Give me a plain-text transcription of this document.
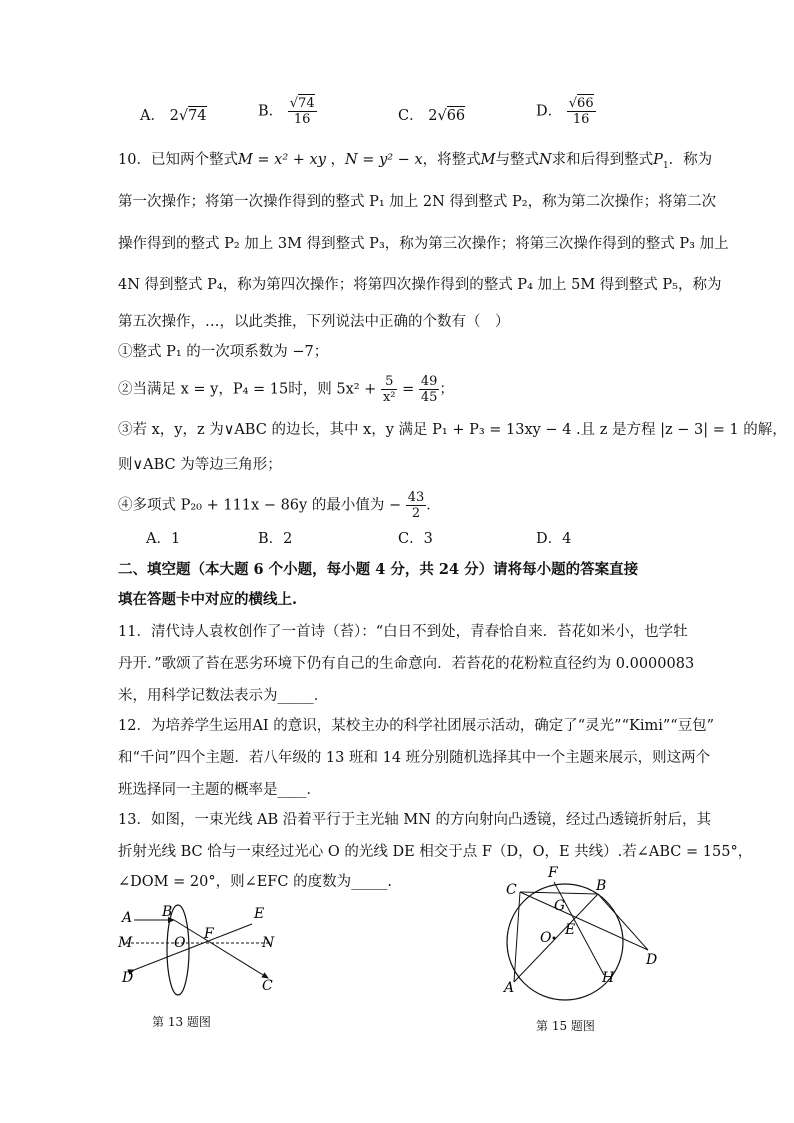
A． 2√74	B． $\frac{√74}{16}$	C． 2√66	D． $\frac{√66}{16}$
10．已知两个整式M = x² + xy ，N = y² − x，将整式M与整式N求和后得到整式$P_1$．称为
第一次操作；将第一次操作得到的整式 P₁ 加上 2N 得到整式 P₂，称为第二次操作；将第二次
操作得到的整式 P₂ 加上 3M 得到整式 P₃，称为第三次操作；将第三次操作得到的整式 P₃ 加上
4N 得到整式 P₄，称为第四次操作；将第四次操作得到的整式 P₄ 加上 5M 得到整式 P₅，称为
第五次操作，…，以此类推，下列说法中正确的个数有（　）
①整式 P₁ 的一次项系数为 −7；
②当满足 x = y，P₄ = 15时，则 $5x^2 + \frac{5}{\text{x²}} = \frac{49}{45}$ ；
③若 x，y，z 为∨ABC 的边长，其中 x，y 满足 P₁ + P₃ = 13xy − 4 .且 z 是方程 |z − 3| = 1 的解，
则∨ABC 为等边三角形；
④多项式 P₂₀ + 111x − 86y 的最小值为 − $\frac{43}{2}$ ．
A．1	B．2	C．3	D．4
二、填空题（本大题 6 个小题，每小题 4 分，共 24 分）请将每小题的答案直接
填在答题卡中对应的横线上.
11．清代诗人袁枚创作了一首诗（苔）：“白日不到处，青春恰自来．苔花如米小，也学牡
丹开．”歌颂了苔在恶劣环境下仍有自己的生命意向．若苔花的花粉粒直径约为 0.0000083
米，用科学记数法表示为_____．
12．为培养学生运用AI 的意识，某校主办的科学社团展示活动，确定了“灵光”“Kimi”“豆包”
和“千问”四个主题．若八年级的 13 班和 14 班分别随机选择其中一个主题来展示，则这两个
班选择同一主题的概率是____．
13．如图，一束光线 AB 沿着平行于主光轴 MN 的方向射向凸透镜，经过凸透镜折射后，其
折射光线 BC 恰与一束经过光心 O 的光线 DE 相交于点 F（D，O，E 共线）.若∠ABC = 155°，
∠DOM = 20°，则∠EFC 的度数为_____.
A B	E
M	O
F
N
D	C
第 13 题图
C
F
B
G
O E
D
A
H
第 15 题图
